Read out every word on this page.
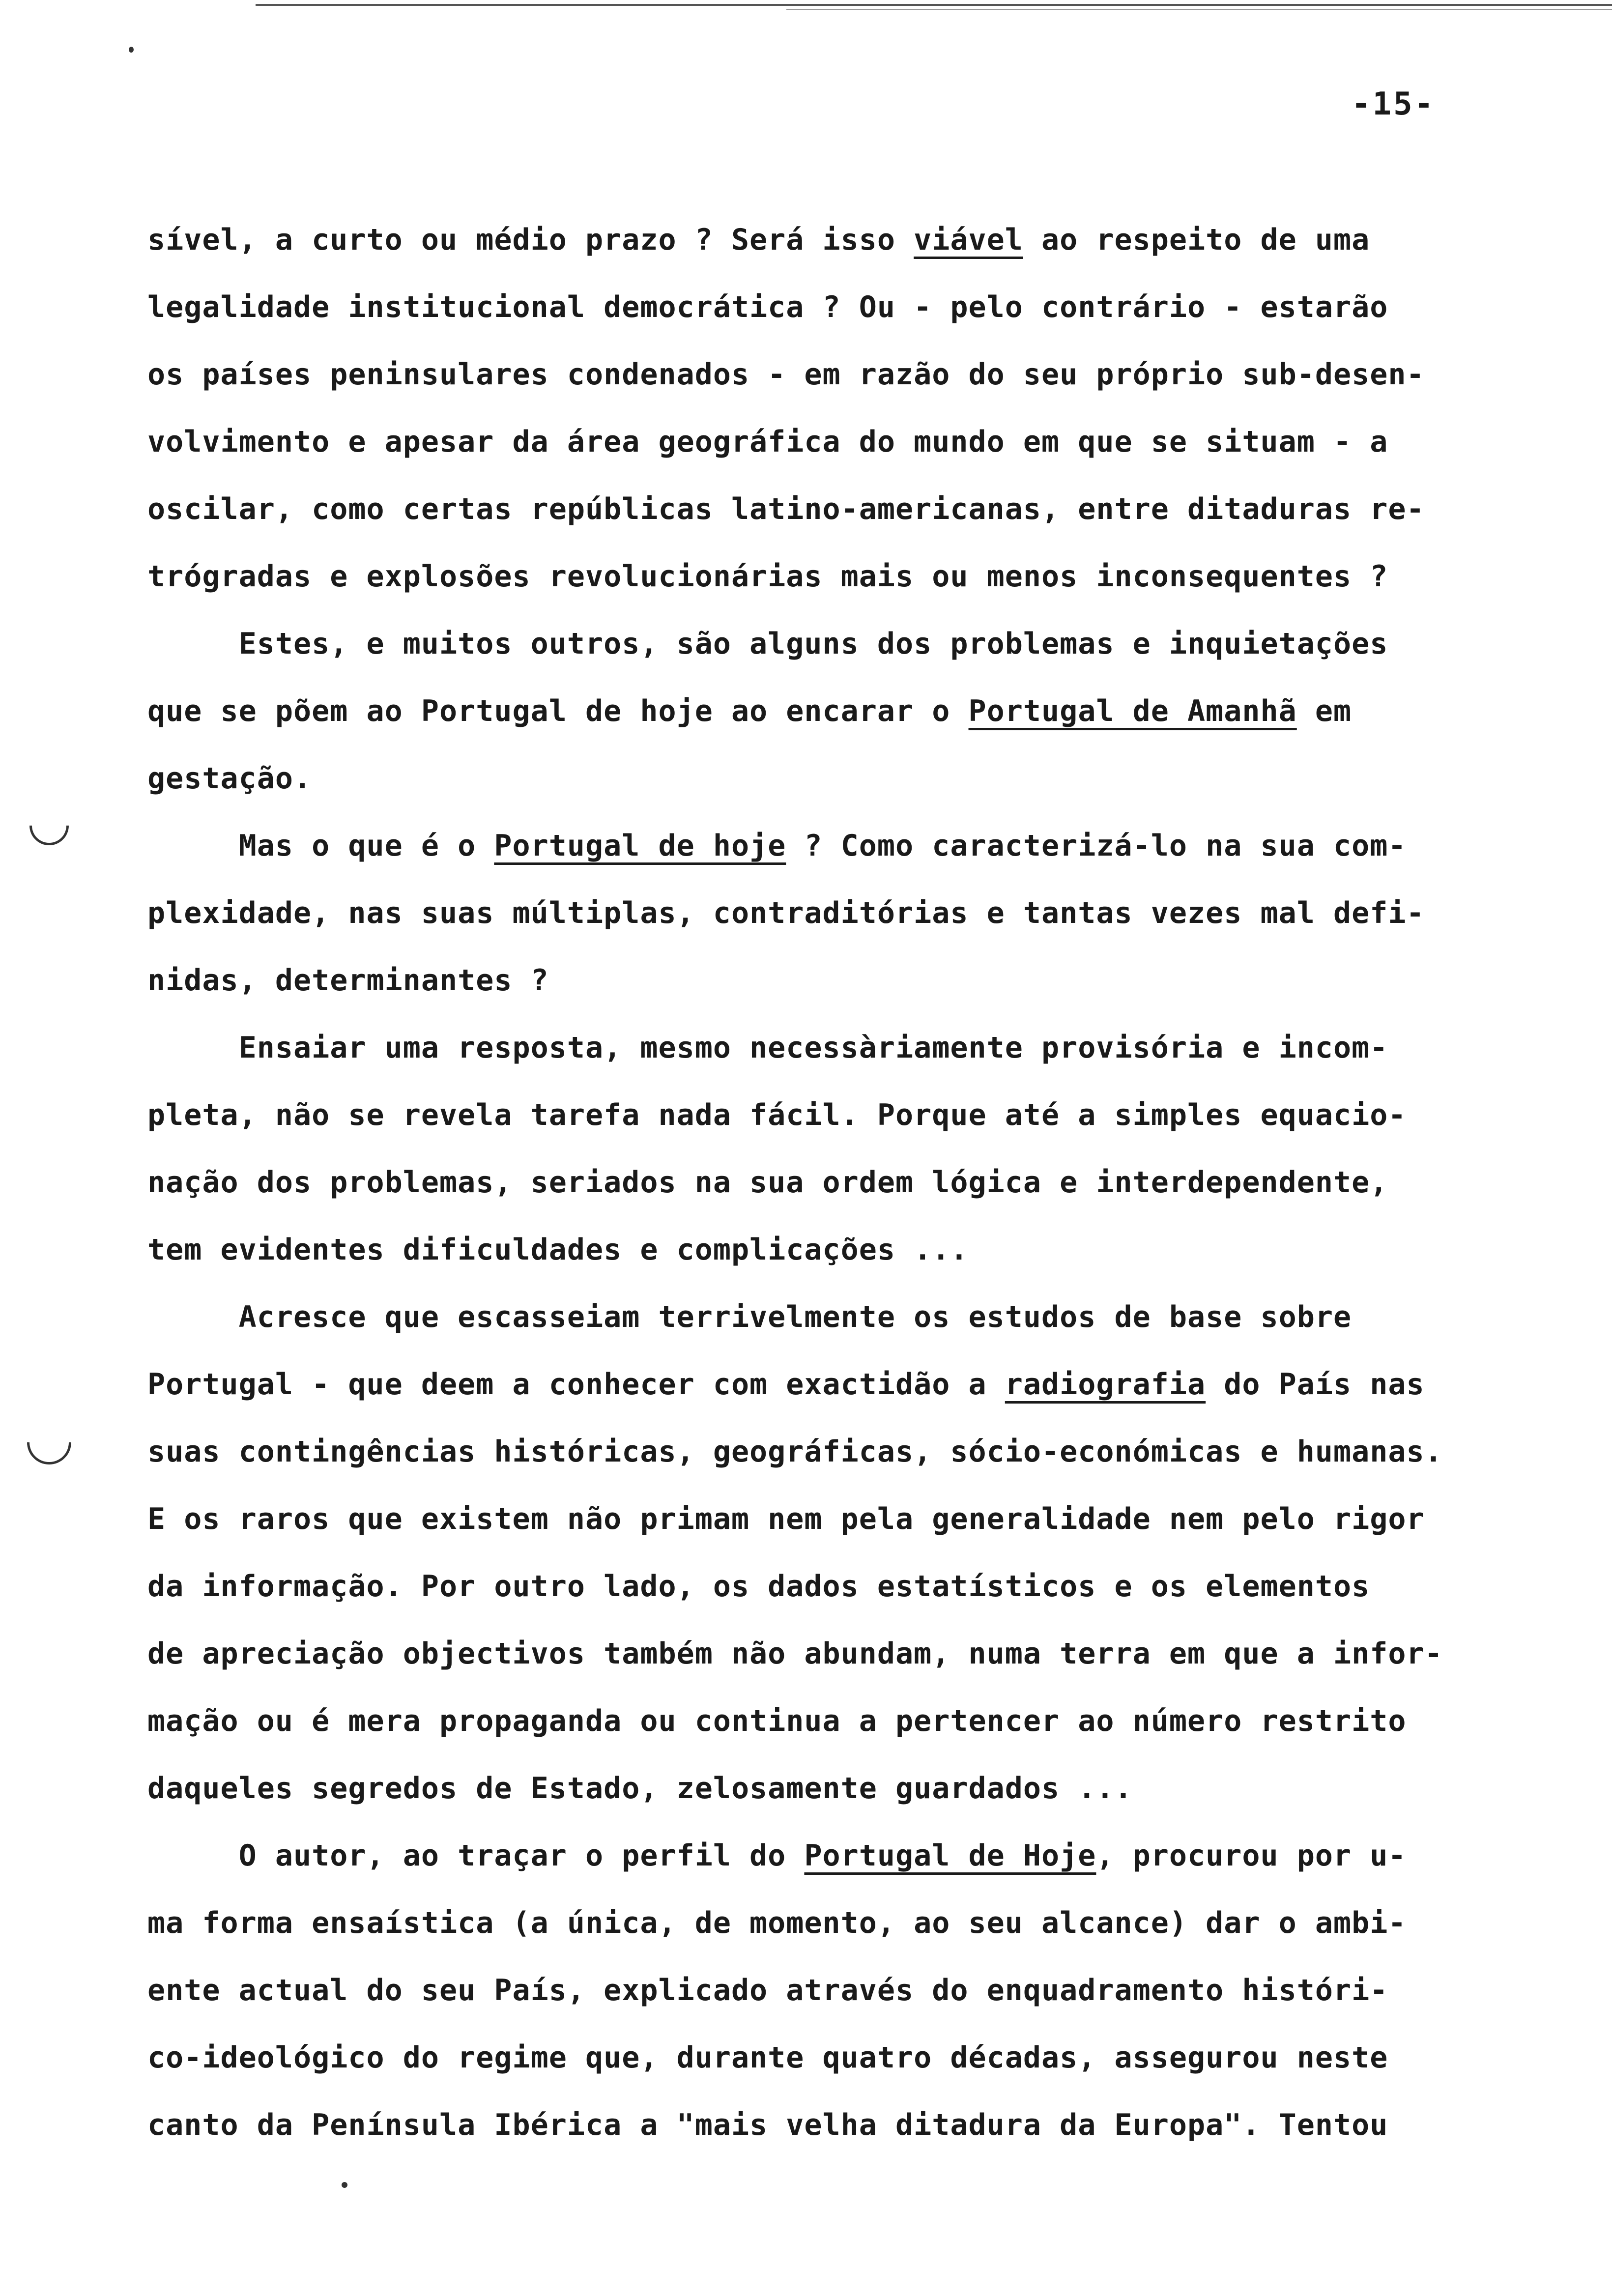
-15-
sível, a curto ou médio prazo ? Será isso viável ao respeito de uma
legalidade institucional democrática ? Ou - pelo contrário - estarão
os países peninsulares condenados - em razão do seu próprio sub-desen-
volvimento e apesar da área geográfica do mundo em que se situam - a
oscilar, como certas repúblicas latino-americanas, entre ditaduras re-
trógradas e explosões revolucionárias mais ou menos inconsequentes ?
Estes, e muitos outros, são alguns dos problemas e inquietações
que se põem ao Portugal de hoje ao encarar o Portugal de Amanhã em
gestação.
Mas o que é o Portugal de hoje ? Como caracterizá-lo na sua com-
plexidade, nas suas múltiplas, contraditórias e tantas vezes mal defi-
nidas, determinantes ?
Ensaiar uma resposta, mesmo necessàriamente provisória e incom-
pleta, não se revela tarefa nada fácil. Porque até a simples equacio-
nação dos problemas, seriados na sua ordem lógica e interdependente,
tem evidentes dificuldades e complicações ...
Acresce que escasseiam terrivelmente os estudos de base sobre
Portugal - que deem a conhecer com exactidão a radiografia do País nas
suas contingências históricas, geográficas, sócio-económicas e humanas.
E os raros que existem não primam nem pela generalidade nem pelo rigor
da informação. Por outro lado, os dados estatísticos e os elementos
de apreciação objectivos também não abundam, numa terra em que a infor-
mação ou é mera propaganda ou continua a pertencer ao número restrito
daqueles segredos de Estado, zelosamente guardados ...
O autor, ao traçar o perfil do Portugal de Hoje, procurou por u-
ma forma ensaística (a única, de momento, ao seu alcance) dar o ambi-
ente actual do seu País, explicado através do enquadramento históri-
co-ideológico do regime que, durante quatro décadas, assegurou neste
canto da Península Ibérica a "mais velha ditadura da Europa". Tentou
